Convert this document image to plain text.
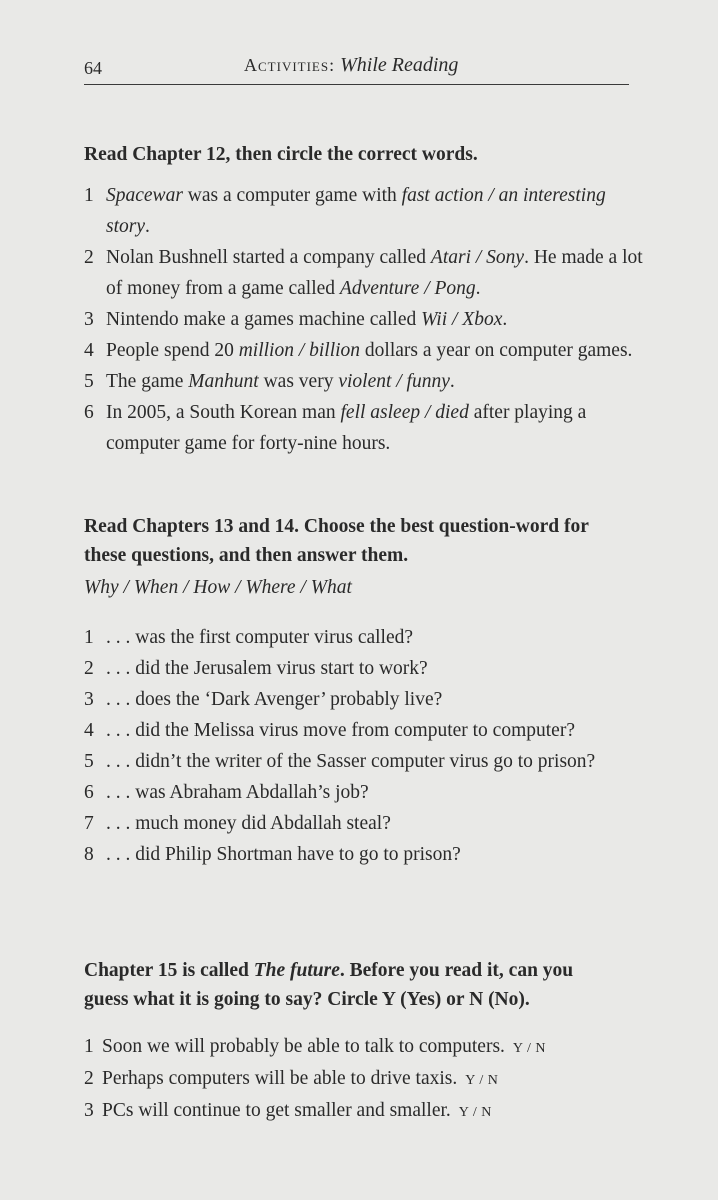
64	Activities: While Reading
Read Chapter 12, then circle the correct words.
1 Spacewar was a computer game with fast action / an interesting story.
2 Nolan Bushnell started a company called Atari / Sony. He made a lot of money from a game called Adventure / Pong.
3 Nintendo make a games machine called Wii / Xbox.
4 People spend 20 million / billion dollars a year on computer games.
5 The game Manhunt was very violent / funny.
6 In 2005, a South Korean man fell asleep / died after playing a computer game for forty-nine hours.
Read Chapters 13 and 14. Choose the best question-word for
these questions, and then answer them.
Why / When / How / Where / What
1 . . . was the first computer virus called?
2 . . . did the Jerusalem virus start to work?
3 . . . does the ‘Dark Avenger’ probably live?
4 . . . did the Melissa virus move from computer to computer?
5 . . . didn’t the writer of the Sasser computer virus go to prison?
6 . . . was Abraham Abdallah’s job?
7 . . . much money did Abdallah steal?
8 . . . did Philip Shortman have to go to prison?
Chapter 15 is called The future. Before you read it, can you
guess what it is going to say? Circle Y (Yes) or N (No).
1 Soon we will probably be able to talk to computers. Y / N
2 Perhaps computers will be able to drive taxis. Y / N
3 PCs will continue to get smaller and smaller. Y / N
